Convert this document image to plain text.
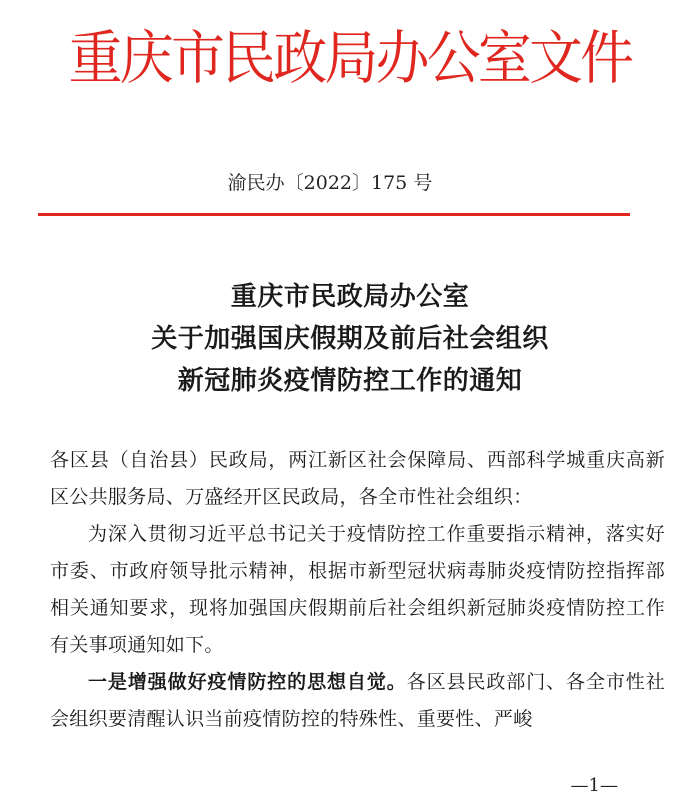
重庆市民政局办公室文件
渝民办〔2022〕175 号
重庆市民政局办公室
关于加强国庆假期及前后社会组织
新冠肺炎疫情防控工作的通知

各区县（自治县）民政局，两江新区社会保障局、西部科学城重庆高新区公共服务局、万盛经开区民政局，各全市性社会组织：

为深入贯彻习近平总书记关于疫情防控工作重要指示精神，落实好市委、市政府领导批示精神，根据市新型冠状病毒肺炎疫情防控指挥部相关通知要求，现将加强国庆假期前后社会组织新冠肺炎疫情防控工作有关事项通知如下。

一是增强做好疫情防控的思想自觉。各区县民政部门、各全市性社会组织要清醒认识当前疫情防控的特殊性、重要性、严峻

—1—
